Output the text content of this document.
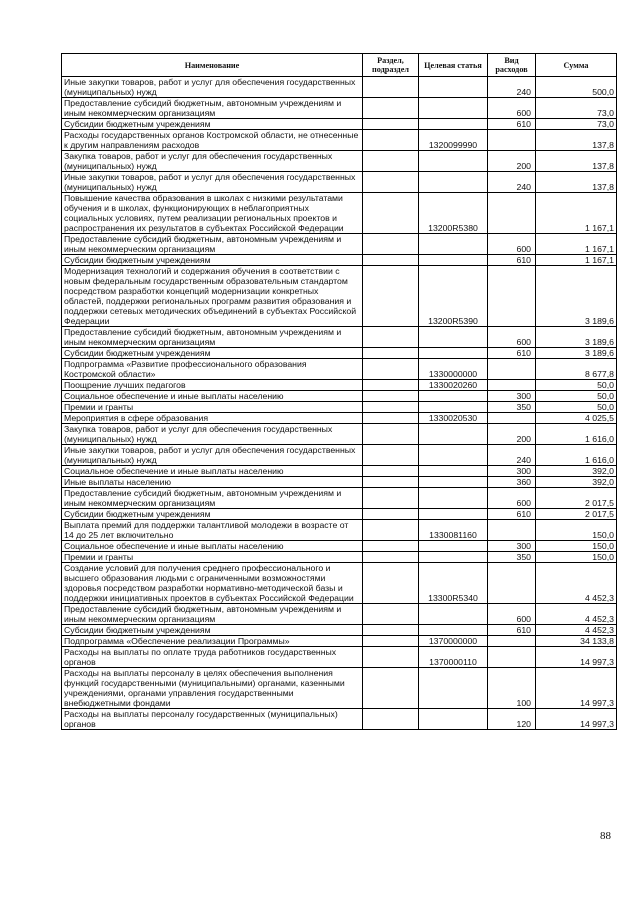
Наименование	Раздел, подраздел	Целевая статья	Вид расходов	Сумма
Иные закупки товаров, работ и услуг для обеспечения государственных (муниципальных) нужд			240	500,0
Предоставление субсидий бюджетным, автономным учреждениям и иным некоммерческим организациям			600	73,0
Субсидии бюджетным учреждениям			610	73,0
Расходы государственных органов Костромской области, не отнесенные к другим направлениям расходов		1320099990		137,8
Закупка товаров, работ и услуг для обеспечения государственных (муниципальных) нужд			200	137,8
Иные закупки товаров, работ и услуг для обеспечения государственных (муниципальных) нужд			240	137,8
Повышение качества образования в школах с низкими результатами обучения и в школах, функционирующих в неблагоприятных социальных условиях, путем реализации региональных проектов и распространения их результатов в субъектах Российской Федерации		13200R5380		1 167,1
Предоставление субсидий бюджетным, автономным учреждениям и иным некоммерческим организациям			600	1 167,1
Субсидии бюджетным учреждениям			610	1 167,1
Модернизация технологий и содержания обучения в соответствии с новым федеральным государственным образовательным стандартом посредством разработки концепций модернизации конкретных областей, поддержки региональных программ развития образования и поддержки сетевых методических объединений в субъектах Российской Федерации		13200R5390		3 189,6
Предоставление субсидий бюджетным, автономным учреждениям и иным некоммерческим организациям			600	3 189,6
Субсидии бюджетным учреждениям			610	3 189,6
Подпрограмма «Развитие профессионального образования Костромской области»		1330000000		8 677,8
Поощрение лучших педагогов		1330020260		50,0
Социальное обеспечение и иные выплаты населению			300	50,0
Премии и гранты			350	50,0
Мероприятия в сфере образования		1330020530		4 025,5
Закупка товаров, работ и услуг для обеспечения государственных (муниципальных) нужд			200	1 616,0
Иные закупки товаров, работ и услуг для обеспечения государственных (муниципальных) нужд			240	1 616,0
Социальное обеспечение и иные выплаты населению			300	392,0
Иные выплаты населению			360	392,0
Предоставление субсидий бюджетным, автономным учреждениям и иным некоммерческим организациям			600	2 017,5
Субсидии бюджетным учреждениям			610	2 017,5
Выплата премий для поддержки талантливой молодежи в возрасте от 14 до 25 лет включительно		1330081160		150,0
Социальное обеспечение и иные выплаты населению			300	150,0
Премии и гранты			350	150,0
Создание условий для получения среднего профессионального и высшего образования людьми с ограниченными возможностями здоровья посредством разработки нормативно-методической базы и поддержки инициативных проектов в субъектах Российской Федерации		13300R5340		4 452,3
Предоставление субсидий бюджетным, автономным учреждениям и иным некоммерческим организациям			600	4 452,3
Субсидии бюджетным учреждениям			610	4 452,3
Подпрограмма «Обеспечение реализации Программы»		1370000000		34 133,8
Расходы на выплаты по оплате труда работников государственных органов		1370000110		14 997,3
Расходы на выплаты персоналу в целях обеспечения выполнения функций государственными (муниципальными) органами, казенными учреждениями, органами управления государственными внебюджетными фондами			100	14 997,3
Расходы на выплаты персоналу государственных (муниципальных) органов			120	14 997,3
88
